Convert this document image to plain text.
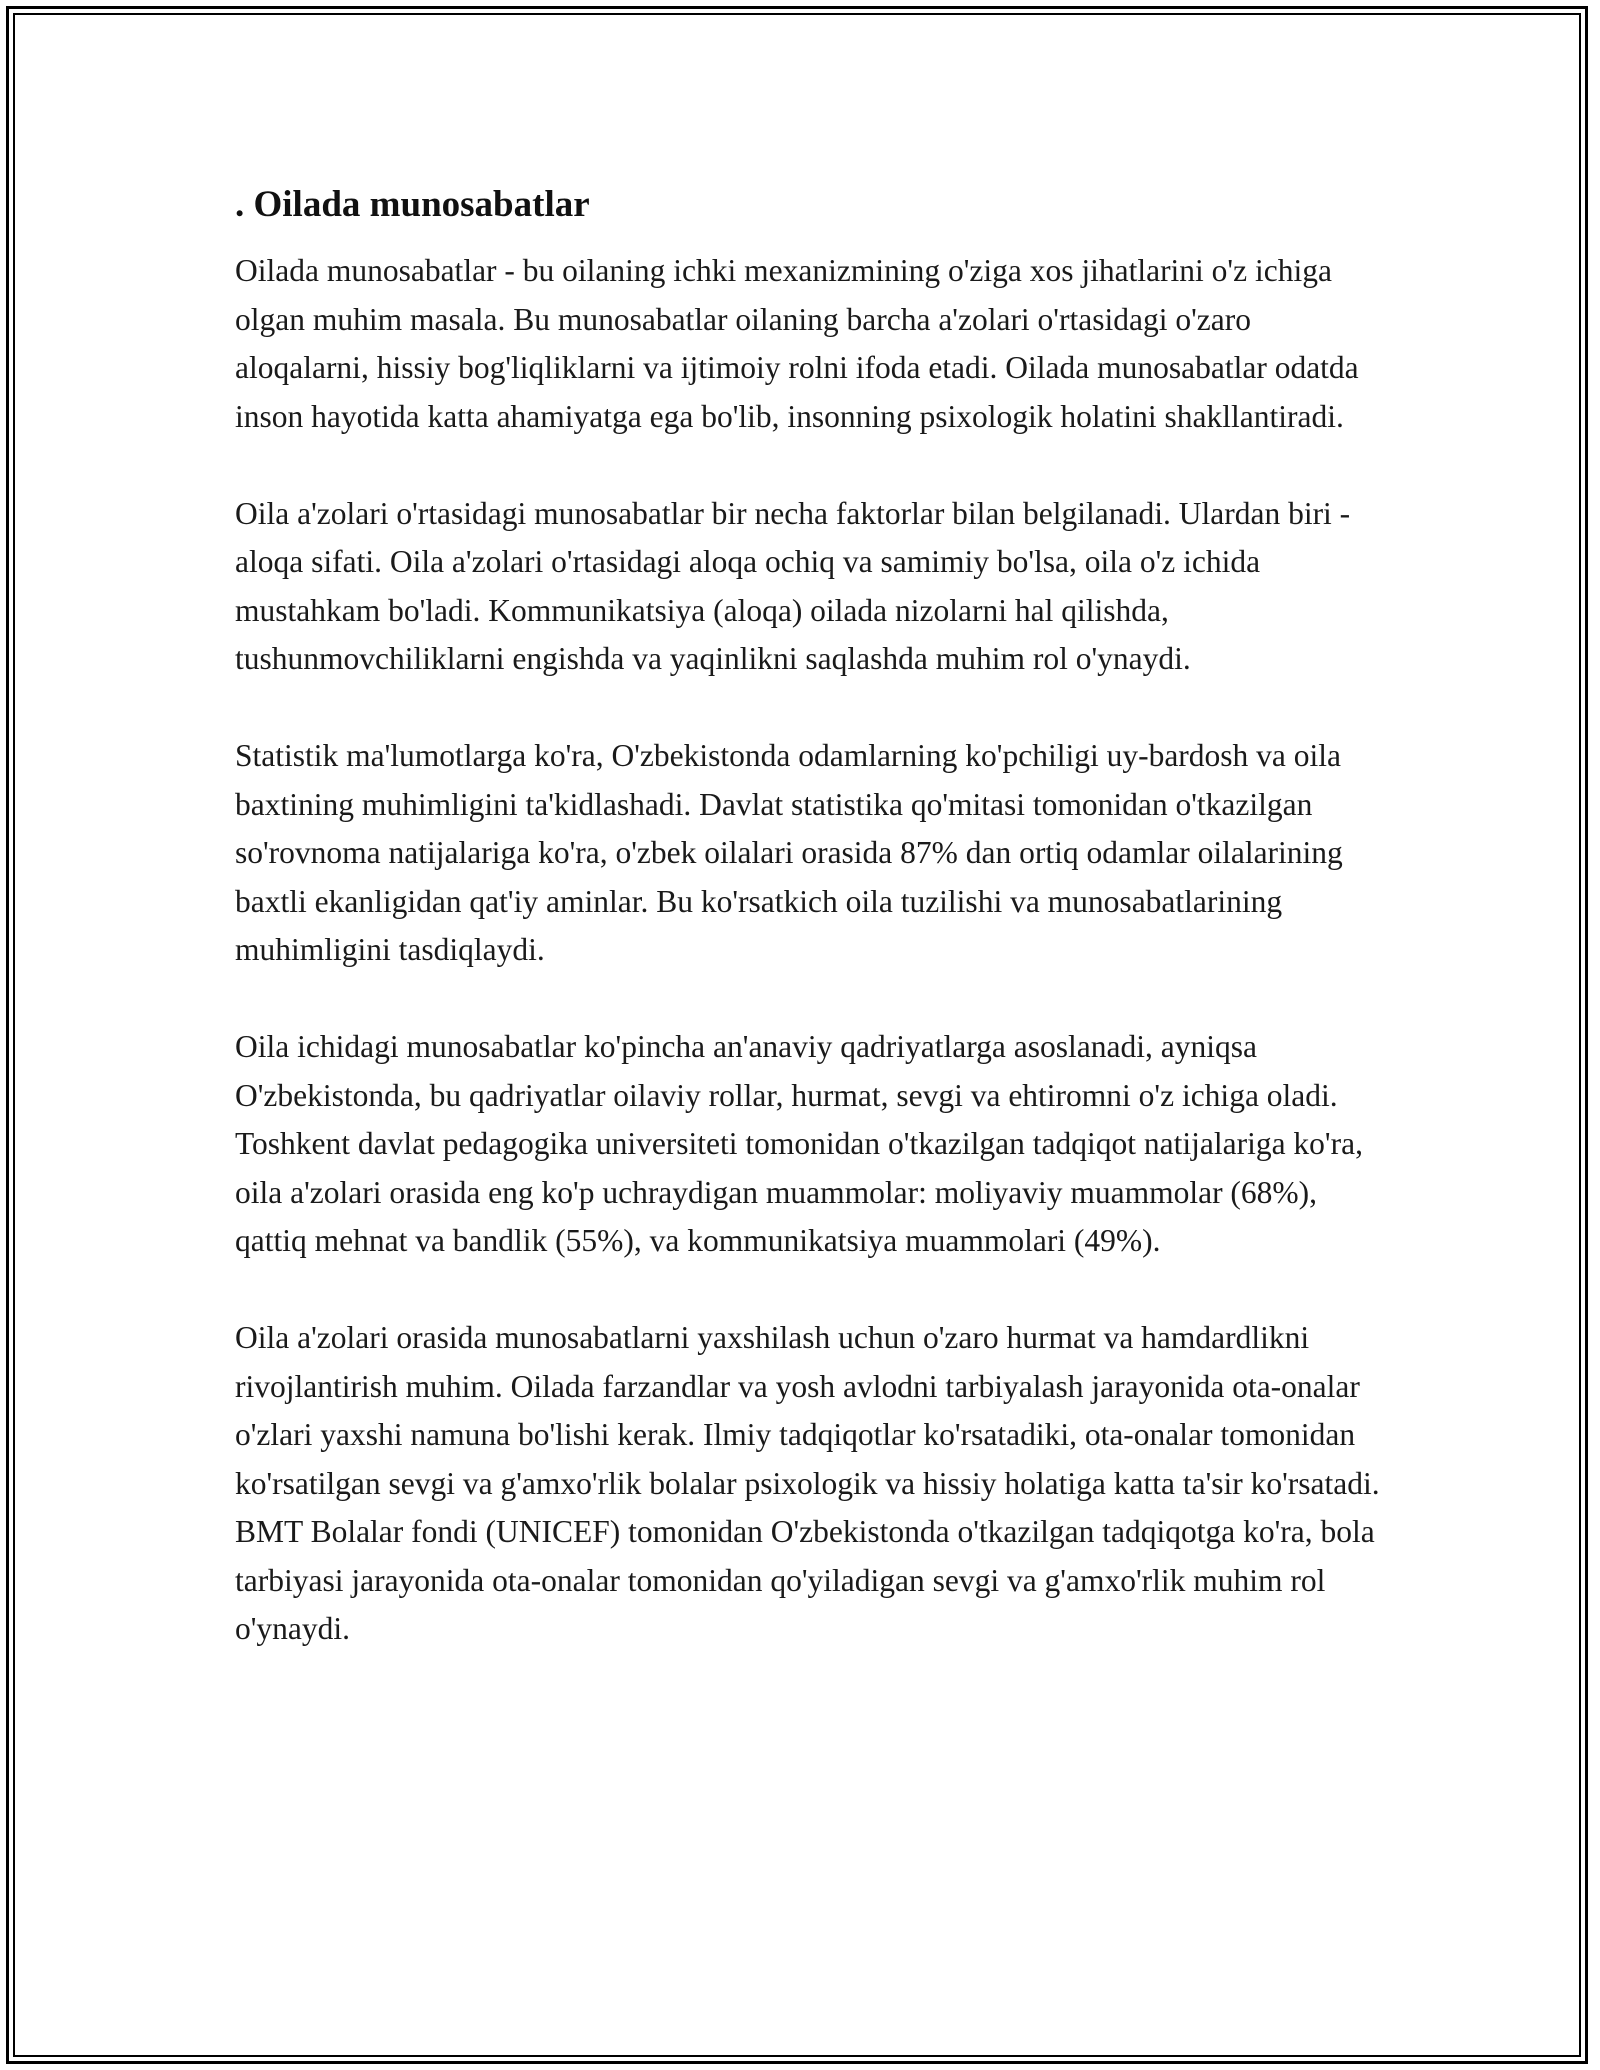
. Oilada munosabatlar

Oilada munosabatlar - bu oilaning ichki mexanizmining o'ziga xos jihatlarini o'z ichiga olgan muhim masala. Bu munosabatlar oilaning barcha a'zolari o'rtasidagi o'zaro aloqalarni, hissiy bog'liqliklarni va ijtimoiy rolni ifoda etadi. Oilada munosabatlar odatda inson hayotida katta ahamiyatga ega bo'lib, insonning psixologik holatini shakllantiradi.

Oila a'zolari o'rtasidagi munosabatlar bir necha faktorlar bilan belgilanadi. Ulardan biri - aloqa sifati. Oila a'zolari o'rtasidagi aloqa ochiq va samimiy bo'lsa, oila o'z ichida mustahkam bo'ladi. Kommunikatsiya (aloqa) oilada nizolarni hal qilishda, tushunmovchiliklarni engishda va yaqinlikni saqlashda muhim rol o'ynaydi.

Statistik ma'lumotlarga ko'ra, O'zbekistonda odamlarning ko'pchiligi uy-bardosh va oila baxtining muhimligini ta'kidlashadi. Davlat statistika qo'mitasi tomonidan o'tkazilgan so'rovnoma natijalariga ko'ra, o'zbek oilalari orasida 87% dan ortiq odamlar oilalarining baxtli ekanligidan qat'iy aminlar. Bu ko'rsatkich oila tuzilishi va munosabatlarining muhimligini tasdiqlaydi.

Oila ichidagi munosabatlar ko'pincha an'anaviy qadriyatlarga asoslanadi, ayniqsa O'zbekistonda, bu qadriyatlar oilaviy rollar, hurmat, sevgi va ehtiromni o'z ichiga oladi. Toshkent davlat pedagogika universiteti tomonidan o'tkazilgan tadqiqot natijalariga ko'ra, oila a'zolari orasida eng ko'p uchraydigan muammolar: moliyaviy muammolar (68%), qattiq mehnat va bandlik (55%), va kommunikatsiya muammolari (49%).

Oila a'zolari orasida munosabatlarni yaxshilash uchun o'zaro hurmat va hamdardlikni rivojlantirish muhim. Oilada farzandlar va yosh avlodni tarbiyalash jarayonida ota-onalar o'zlari yaxshi namuna bo'lishi kerak. Ilmiy tadqiqotlar ko'rsatadiki, ota-onalar tomonidan ko'rsatilgan sevgi va g'amxo'rlik bolalar psixologik va hissiy holatiga katta ta'sir ko'rsatadi. BMT Bolalar fondi (UNICEF) tomonidan O'zbekistonda o'tkazilgan tadqiqotga ko'ra, bola tarbiyasi jarayonida ota-onalar tomonidan qo'yiladigan sevgi va g'amxo'rlik muhim rol o'ynaydi.
